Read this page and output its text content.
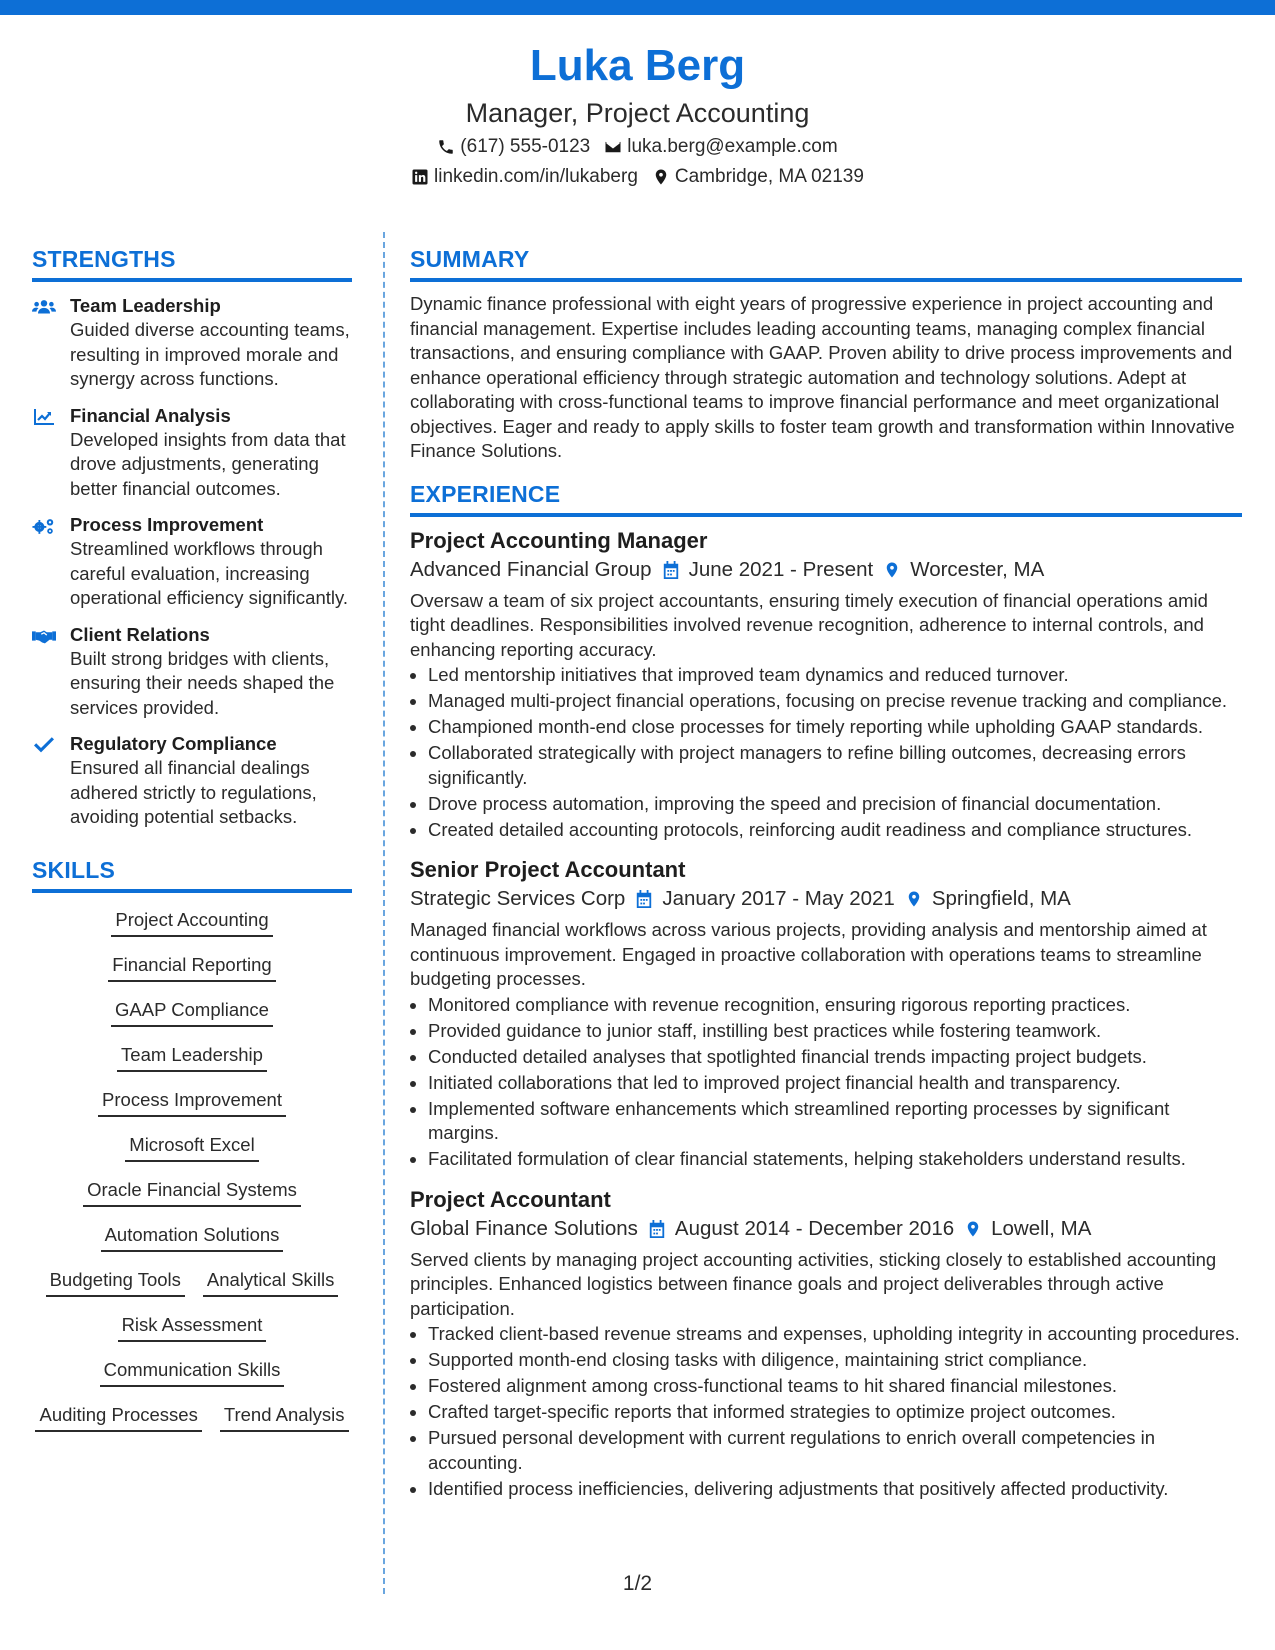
Luka Berg
Manager, Project Accounting
(617) 555-0123 luka.berg@example.com
linkedin.com/in/lukaberg Cambridge, MA 02139
STRENGTHS
Team Leadership
Guided diverse accounting teams, resulting in improved morale and synergy across functions.
Financial Analysis
Developed insights from data that drove adjustments, generating better financial outcomes.
Process Improvement
Streamlined workflows through careful evaluation, increasing operational efficiency significantly.
Client Relations
Built strong bridges with clients, ensuring their needs shaped the services provided.
Regulatory Compliance
Ensured all financial dealings adhered strictly to regulations, avoiding potential setbacks.
SKILLS
Project Accounting
Financial Reporting
GAAP Compliance
Team Leadership
Process Improvement
Microsoft Excel
Oracle Financial Systems
Automation Solutions
Budgeting Tools Analytical Skills
Risk Assessment
Communication Skills
Auditing Processes Trend Analysis
SUMMARY

Dynamic finance professional with eight years of progressive experience in project accounting and financial management. Expertise includes leading accounting teams, managing complex financial transactions, and ensuring compliance with GAAP. Proven ability to drive process improvements and enhance operational efficiency through strategic automation and technology solutions. Adept at collaborating with cross-functional teams to improve financial performance and meet organizational objectives. Eager and ready to apply skills to foster team growth and transformation within Innovative Finance Solutions.

EXPERIENCE
Project Accounting Manager
Advanced Financial Group June 2021 - Present Worcester, MA

Oversaw a team of six project accountants, ensuring timely execution of financial operations amid tight deadlines. Responsibilities involved revenue recognition, adherence to internal controls, and enhancing reporting accuracy.

• Led mentorship initiatives that improved team dynamics and reduced turnover.
• Managed multi-project financial operations, focusing on precise revenue tracking and compliance.
• Championed month-end close processes for timely reporting while upholding GAAP standards.
• Collaborated strategically with project managers to refine billing outcomes, decreasing errors significantly.
• Drove process automation, improving the speed and precision of financial documentation.
• Created detailed accounting protocols, reinforcing audit readiness and compliance structures.
Senior Project Accountant
Strategic Services Corp January 2017 - May 2021 Springfield, MA

Managed financial workflows across various projects, providing analysis and mentorship aimed at continuous improvement. Engaged in proactive collaboration with operations teams to streamline budgeting processes.

• Monitored compliance with revenue recognition, ensuring rigorous reporting practices.
• Provided guidance to junior staff, instilling best practices while fostering teamwork.
• Conducted detailed analyses that spotlighted financial trends impacting project budgets.
• Initiated collaborations that led to improved project financial health and transparency.
• Implemented software enhancements which streamlined reporting processes by significant margins.
• Facilitated formulation of clear financial statements, helping stakeholders understand results.
Project Accountant
Global Finance Solutions August 2014 - December 2016 Lowell, MA

Served clients by managing project accounting activities, sticking closely to established accounting principles. Enhanced logistics between finance goals and project deliverables through active participation.

• Tracked client-based revenue streams and expenses, upholding integrity in accounting procedures.
• Supported month-end closing tasks with diligence, maintaining strict compliance.
• Fostered alignment among cross-functional teams to hit shared financial milestones.
• Crafted target-specific reports that informed strategies to optimize project outcomes.
• Pursued personal development with current regulations to enrich overall competencies in accounting.
• Identified process inefficiencies, delivering adjustments that positively affected productivity.
1/2
